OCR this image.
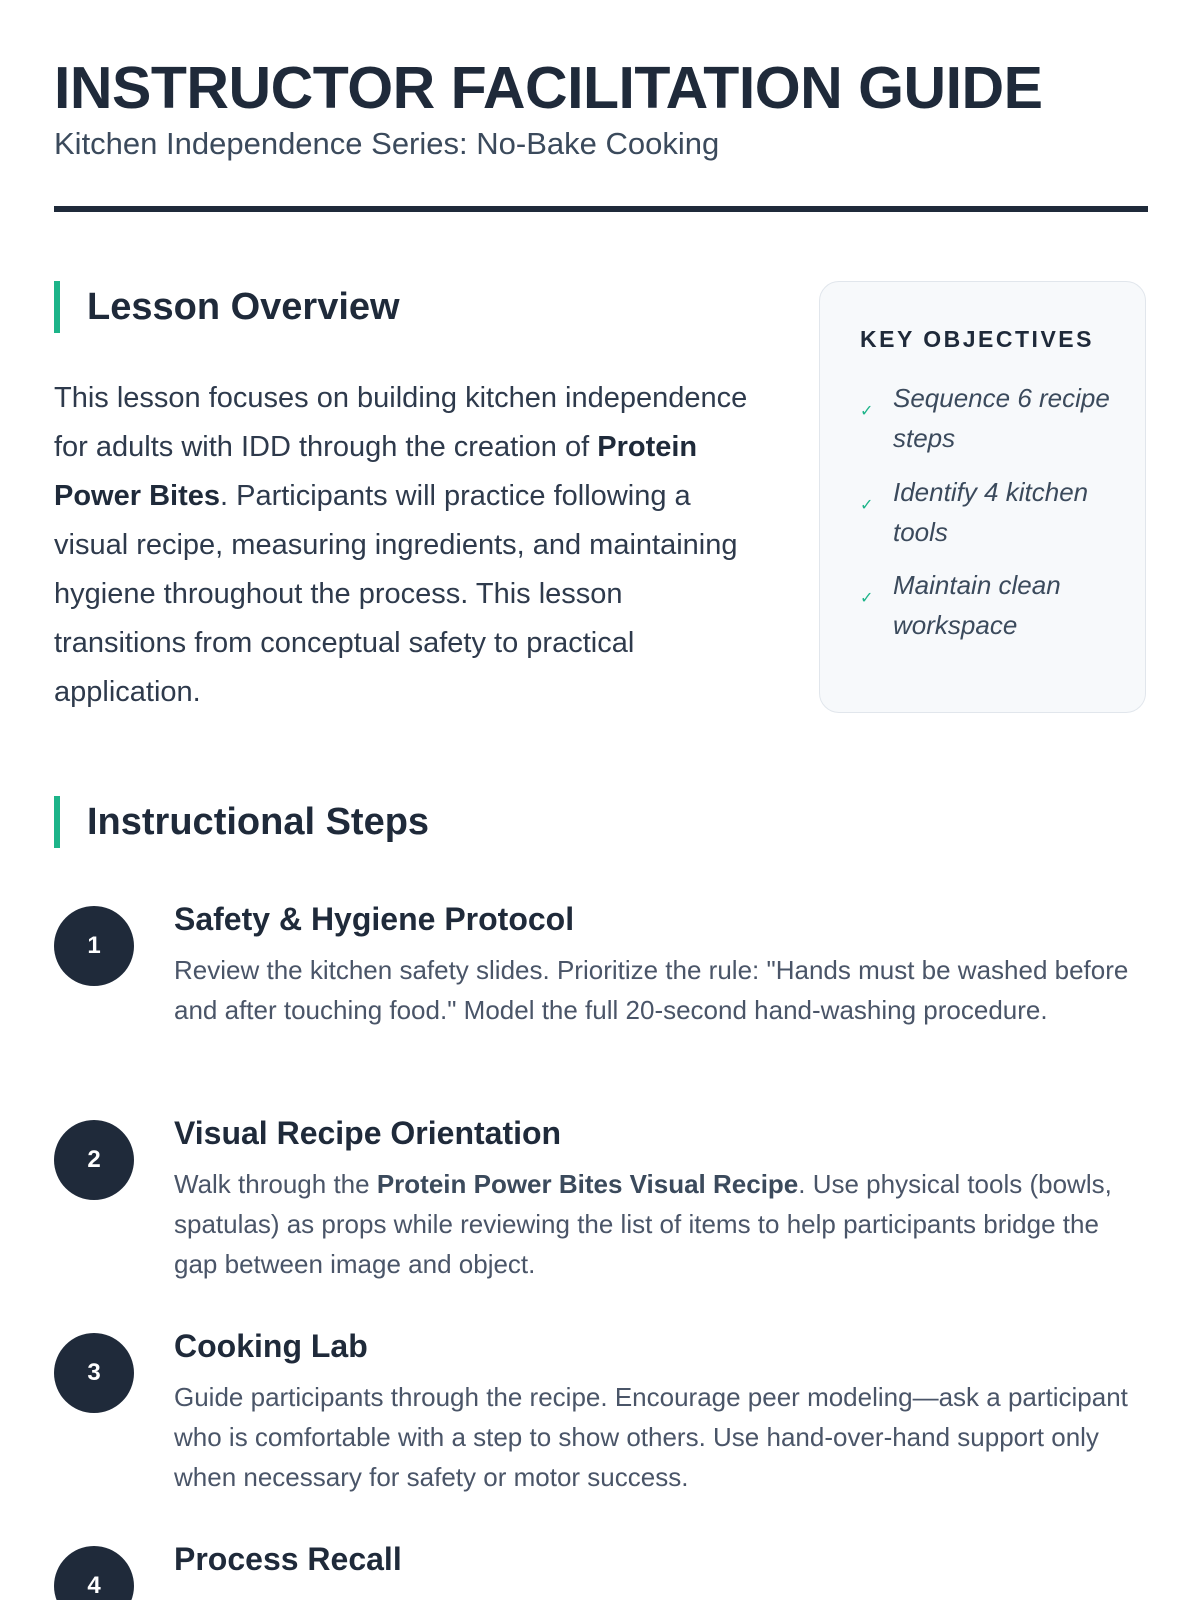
INSTRUCTOR FACILITATION GUIDE

Kitchen Independence Series: No-Bake Cooking

Lesson Overview

This lesson focuses on building kitchen independence for adults with IDD through the creation of Protein Power Bites. Participants will practice following a visual recipe, measuring ingredients, and maintaining hygiene throughout the process. This lesson transitions from conceptual safety to practical application.

KEY OBJECTIVES
✓ Sequence 6 recipe steps
✓ Identify 4 kitchen tools
✓ Maintain clean workspace
Instructional Steps
1
Safety & Hygiene Protocol

Review the kitchen safety slides. Prioritize the rule: "Hands must be washed before and after touching food." Model the full 20-second hand-washing procedure.

2
Visual Recipe Orientation

Walk through the Protein Power Bites Visual Recipe. Use physical tools (bowls, spatulas) as props while reviewing the list of items to help participants bridge the gap between image and object.

3
Cooking Lab

Guide participants through the recipe. Encourage peer modeling—ask a participant who is comfortable with a step to show others. Use hand-over-hand support only when necessary for safety or motor success.

4
Process Recall
